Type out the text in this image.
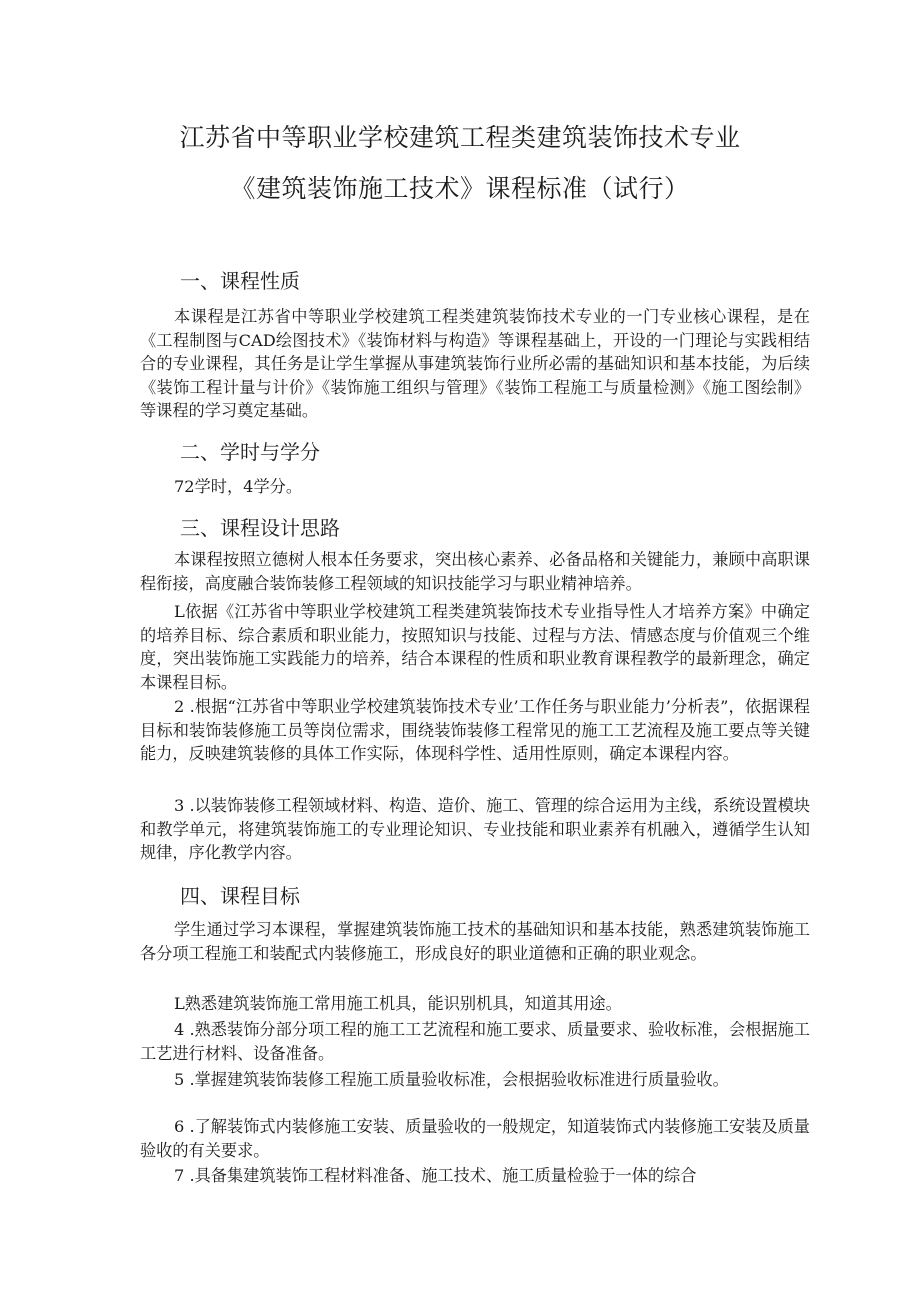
江苏省中等职业学校建筑工程类建筑装饰技术专业
《建筑装饰施工技术》课程标准（试行）
一、课程性质
本课程是江苏省中等职业学校建筑工程类建筑装饰技术专业的一门专业核心课程，是在《工程制图与CAD绘图技术》《装饰材料与构造》等课程基础上，开设的一门理论与实践相结合的专业课程，其任务是让学生掌握从事建筑装饰行业所必需的基础知识和基本技能，为后续《装饰工程计量与计价》《装饰施工组织与管理》《装饰工程施工与质量检测》《施工图绘制》等课程的学习奠定基础。
二、学时与学分
72学时，4学分。
三、课程设计思路
本课程按照立德树人根本任务要求，突出核心素养、必备品格和关键能力，兼顾中高职课程衔接，高度融合装饰装修工程领域的知识技能学习与职业精神培养。
L依据《江苏省中等职业学校建筑工程类建筑装饰技术专业指导性人才培养方案》中确定的培养目标、综合素质和职业能力，按照知识与技能、过程与方法、情感态度与价值观三个维度，突出装饰施工实践能力的培养，结合本课程的性质和职业教育课程教学的最新理念，确定本课程目标。
2 .根据“江苏省中等职业学校建筑装饰技术专业’工作任务与职业能力’分析表”，依据课程目标和装饰装修施工员等岗位需求，围绕装饰装修工程常见的施工工艺流程及施工要点等关键能力，反映建筑装修的具体工作实际，体现科学性、适用性原则，确定本课程内容。
3 .以装饰装修工程领域材料、构造、造价、施工、管理的综合运用为主线，系统设置模块和教学单元，将建筑装饰施工的专业理论知识、专业技能和职业素养有机融入，遵循学生认知规律，序化教学内容。
四、课程目标
学生通过学习本课程，掌握建筑装饰施工技术的基础知识和基本技能，熟悉建筑装饰施工各分项工程施工和装配式内装修施工，形成良好的职业道德和正确的职业观念。
L熟悉建筑装饰施工常用施工机具，能识别机具，知道其用途。
4 .熟悉装饰分部分项工程的施工工艺流程和施工要求、质量要求、验收标准，会根据施工工艺进行材料、设备准备。
5 .掌握建筑装饰装修工程施工质量验收标准，会根据验收标准进行质量验收。
6 .了解装饰式内装修施工安装、质量验收的一般规定，知道装饰式内装修施工安装及质量验收的有关要求。
7 .具备集建筑装饰工程材料准备、施工技术、施工质量检验于一体的综合
